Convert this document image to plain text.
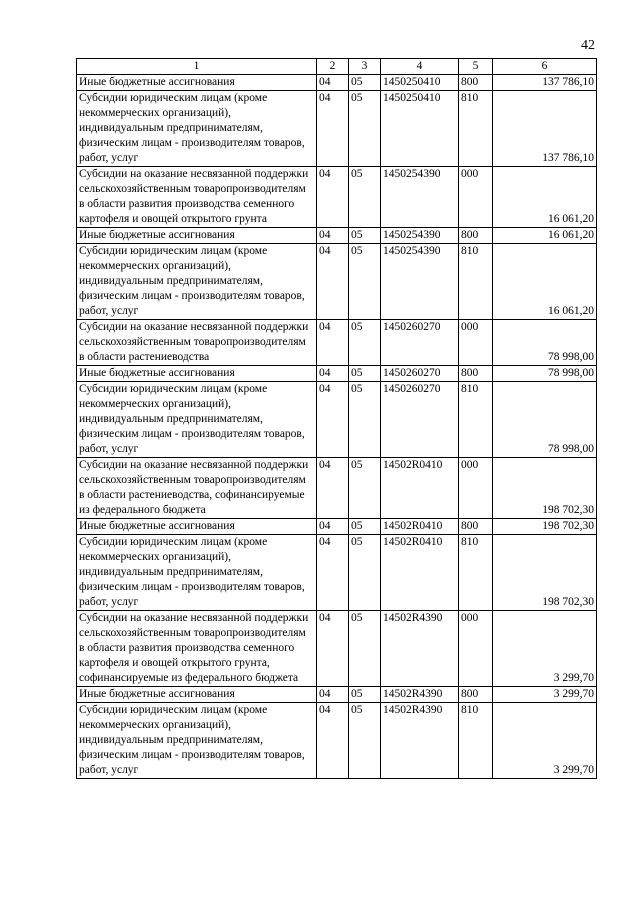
42
1	2	3	4	5	6
Иные бюджетные ассигнования	04	05	1450250410	800	137 786,10
Субсидии юридическим лицам (кроме некоммерческих организаций), индивидуальным предпринимателям, физическим лицам - производителям товаров, работ, услуг	04	05	1450250410	810	137 786,10
Субсидии на оказание несвязанной поддержки сельскохозяйственным товаропроизводителям в области развития производства семенного картофеля и овощей открытого грунта	04	05	1450254390	000	16 061,20
Иные бюджетные ассигнования	04	05	1450254390	800	16 061,20
Субсидии юридическим лицам (кроме некоммерческих организаций), индивидуальным предпринимателям, физическим лицам - производителям товаров, работ, услуг	04	05	1450254390	810	16 061,20
Субсидии на оказание несвязанной поддержки сельскохозяйственным товаропроизводителям в области растениеводства	04	05	1450260270	000	78 998,00
Иные бюджетные ассигнования	04	05	1450260270	800	78 998,00
Субсидии юридическим лицам (кроме некоммерческих организаций), индивидуальным предпринимателям, физическим лицам - производителям товаров, работ, услуг	04	05	1450260270	810	78 998,00
Субсидии на оказание несвязанной поддержки сельскохозяйственным товаропроизводителям в области растениеводства, софинансируемые из федерального бюджета	04	05	14502R0410	000	198 702,30
Иные бюджетные ассигнования	04	05	14502R0410	800	198 702,30
Субсидии юридическим лицам (кроме некоммерческих организаций), индивидуальным предпринимателям, физическим лицам - производителям товаров, работ, услуг	04	05	14502R0410	810	198 702,30
Субсидии на оказание несвязанной поддержки сельскохозяйственным товаропроизводителям в области развития производства семенного картофеля и овощей открытого грунта, софинансируемые из федерального бюджета	04	05	14502R4390	000	3 299,70
Иные бюджетные ассигнования	04	05	14502R4390	800	3 299,70
Субсидии юридическим лицам (кроме некоммерческих организаций), индивидуальным предпринимателям, физическим лицам - производителям товаров, работ, услуг	04	05	14502R4390	810	3 299,70
